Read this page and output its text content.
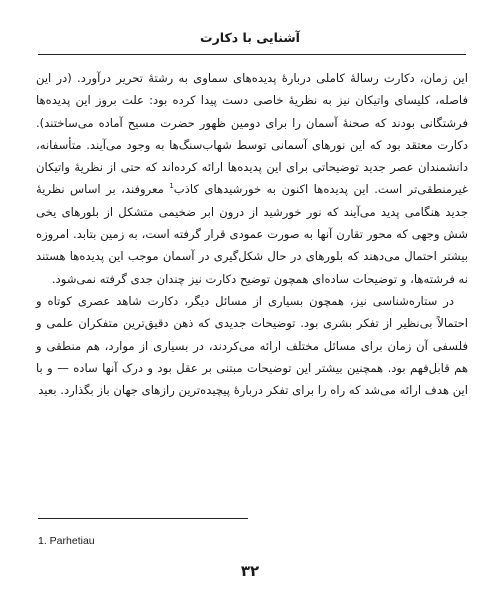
آشنایی با دکارت

این زمان، دکارت رسالهٔ کاملی دربارهٔ پدیده‌های سماوی به رشتهٔ تحریر درآورد. (در این فاصله، کلیسای واتیکان نیز به نظریهٔ خاصی دست پیدا کرده بود: علت بروز این پدیده‌ها فرشتگانی بودند که صحنهٔ آسمان را برای دومین ظهور حضرت مسیح آماده می‌ساختند). دکارت معتقد بود که این نورهای آسمانی توسط شهاب‌سنگ‌ها به وجود می‌آیند. متأسفانه، دانشمندان عصر جدید توضیحاتی برای این پدیده‌ها ارائه کرده‌اند که حتی از نظریهٔ واتیکان غیرمنطقی‌تر است. این پدیده‌ها اکنون به خورشیدهای کاذب$^1$ معروفند، بر اساس نظریهٔ جدید هنگامی پدید می‌آیند که نور خورشید از درون ابر ضخیمی متشکل از بلورهای یخی شش وجهی که محور تقارن آنها به صورت عمودی قرار گرفته است، به زمین بتابد. امروزه بیشتر احتمال می‌دهند که بلورهای در حال شکل‌گیری در آسمان موجب این پدیده‌ها هستند نه فرشته‌ها، و توضیحات ساده‌ای همچون توضیح دکارت نیز چندان جدی گرفته نمی‌شود.

در ستاره‌شناسی نیز، همچون بسیاری از مسائل دیگر، دکارت شاهد عصری کوتاه و احتمالاً بی‌نظیر از تفکر بشری بود. توضیحات جدیدی که ذهن دقیق‌ترین متفکران علمی و فلسفی آن زمان برای مسائل مختلف ارائه می‌کردند، در بسیاری از موارد، هم منطقی و هم قابل‌فهم بود. همچنین بیشتر این توضیحات مبتنی بر عقل بود و درک آنها ساده — و با این هدف ارائه می‌شد که راه را برای تفکر دربارهٔ پیچیده‌ترین رازهای جهان باز بگذارد. بعید

1. Parhetiau
۳۲
